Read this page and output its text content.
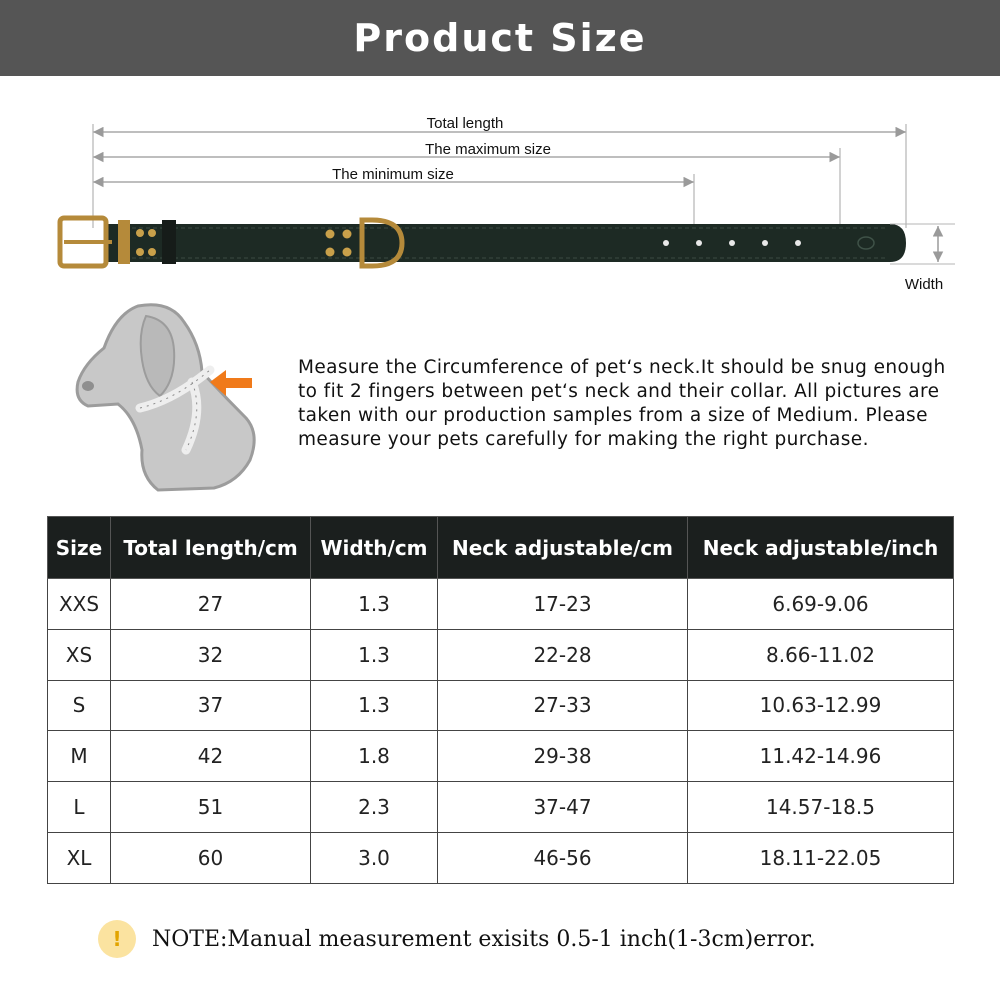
Product Size
Total length
The maximum size
The minimum size
Width

Measure the Circumference of pet‘s neck.It should be snug enough to fit 2 fingers between pet‘s neck and their collar. All pictures are taken with our production samples from a size of Medium. Please measure your pets carefully for making the right purchase.

Size	Total length/cm	Width/cm	Neck adjustable/cm	Neck adjustable/inch
XXS	27	1.3	17-23	6.69-9.06
XS	32	1.3	22-28	8.66-11.02
S	37	1.3	27-33	10.63-12.99
M	42	1.8	29-38	11.42-14.96
L	51	2.3	37-47	14.57-18.5
XL	60	3.0	46-56	18.11-22.05
!	NOTE:Manual measurement exisits 0.5-1 inch(1-3cm)error.
